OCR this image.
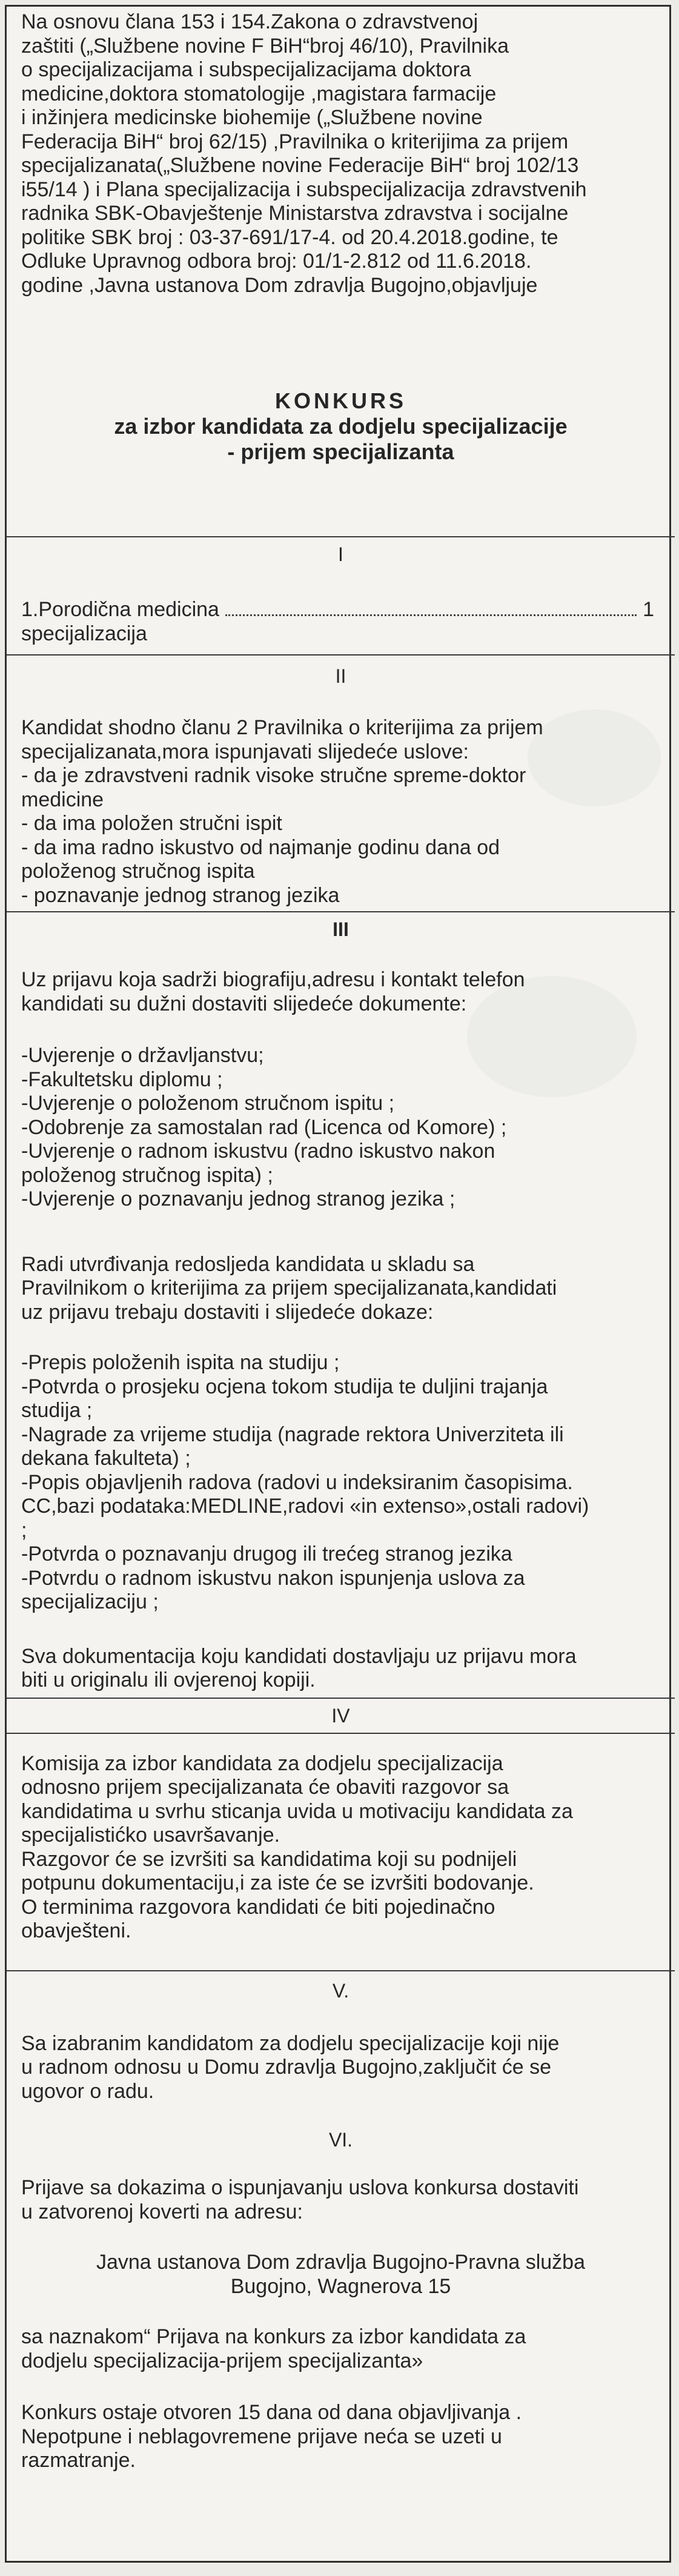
Na osnovu člana 153 i 154.Zakona o zdravstvenoj

zaštiti („Službene novine F BiH“broj 46/10), Pravilnika

o specijalizacijama i subspecijalizacijama doktora

medicine,doktora stomatologije ,magistara farmacije

i inžinjera medicinske biohemije („Službene novine

Federacija BiH“ broj 62/15) ,Pravilnika o kriterijima za prijem

specijalizanata(„Službene novine Federacije BiH“ broj 102/13

i55/14 ) i Plana specijalizacija i subspecijalizacija zdravstvenih

radnika SBK-Obavještenje Ministarstva zdravstva i socijalne

politike SBK broj : 03-37-691/17-4. od 20.4.2018.godine, te

Odluke Upravnog odbora broj: 01/1-2.812 od 11.6.2018.

godine ,Javna ustanova Dom zdravlja Bugojno,objavljuje

KONKURS
za izbor kandidata za dodjelu specijalizacije
- prijem specijalizanta
I
1.Porodična medicina	1

specijalizacija

II

Kandidat shodno članu 2 Pravilnika o kriterijima za prijem

specijalizanata,mora ispunjavati slijedeće uslove:

- da je zdravstveni radnik visoke stručne spreme-doktor

medicine

- da ima položen stručni ispit

- da ima radno iskustvo od najmanje godinu dana od

položenog stručnog ispita

- poznavanje jednog stranog jezika

III

Uz prijavu koja sadrži biografiju,adresu i kontakt telefon

kandidati su dužni dostaviti slijedeće dokumente:

-Uvjerenje o državljanstvu;

-Fakultetsku diplomu ;

-Uvjerenje o položenom stručnom ispitu ;

-Odobrenje za samostalan rad (Licenca od Komore) ;

-Uvjerenje o radnom iskustvu (radno iskustvo nakon

položenog stručnog ispita) ;

-Uvjerenje o poznavanju jednog stranog jezika ;

Radi utvrđivanja redosljeda kandidata u skladu sa

Pravilnikom o kriterijima za prijem specijalizanata,kandidati

uz prijavu trebaju dostaviti i slijedeće dokaze:

-Prepis položenih ispita na studiju ;

-Potvrda o prosjeku ocjena tokom studija te duljini trajanja

studija ;

-Nagrade za vrijeme studija (nagrade rektora Univerziteta ili

dekana fakulteta) ;

-Popis objavljenih radova (radovi u indeksiranim časopisima.

CC,bazi podataka:MEDLINE,radovi «in extenso»,ostali radovi)

;

-Potvrda o poznavanju drugog ili trećeg stranog jezika

-Potvrdu o radnom iskustvu nakon ispunjenja uslova za

specijalizaciju ;

Sva dokumentacija koju kandidati dostavljaju uz prijavu mora

biti u originalu ili ovjerenoj kopiji.

IV

Komisija za izbor kandidata za dodjelu specijalizacija

odnosno prijem specijalizanata će obaviti razgovor sa

kandidatima u svrhu sticanja uvida u motivaciju kandidata za

specijalistićko usavršavanje.

Razgovor će se izvršiti sa kandidatima koji su podnijeli

potpunu dokumentaciju,i za iste će se izvršiti bodovanje.

O terminima razgovora kandidati će biti pojedinačno

obavješteni.

V.

Sa izabranim kandidatom za dodjelu specijalizacije koji nije

u radnom odnosu u Domu zdravlja Bugojno,zaključit će se

ugovor o radu.

VI.

Prijave sa dokazima o ispunjavanju uslova konkursa dostaviti

u zatvorenoj koverti na adresu:

Javna ustanova Dom zdravlja Bugojno-Pravna služba

Bugojno, Wagnerova 15

sa naznakom“ Prijava na konkurs za izbor kandidata za

dodjelu specijalizacija-prijem specijalizanta»

Konkurs ostaje otvoren 15 dana od dana objavljivanja .

Nepotpune i neblagovremene prijave neća se uzeti u

razmatranje.
